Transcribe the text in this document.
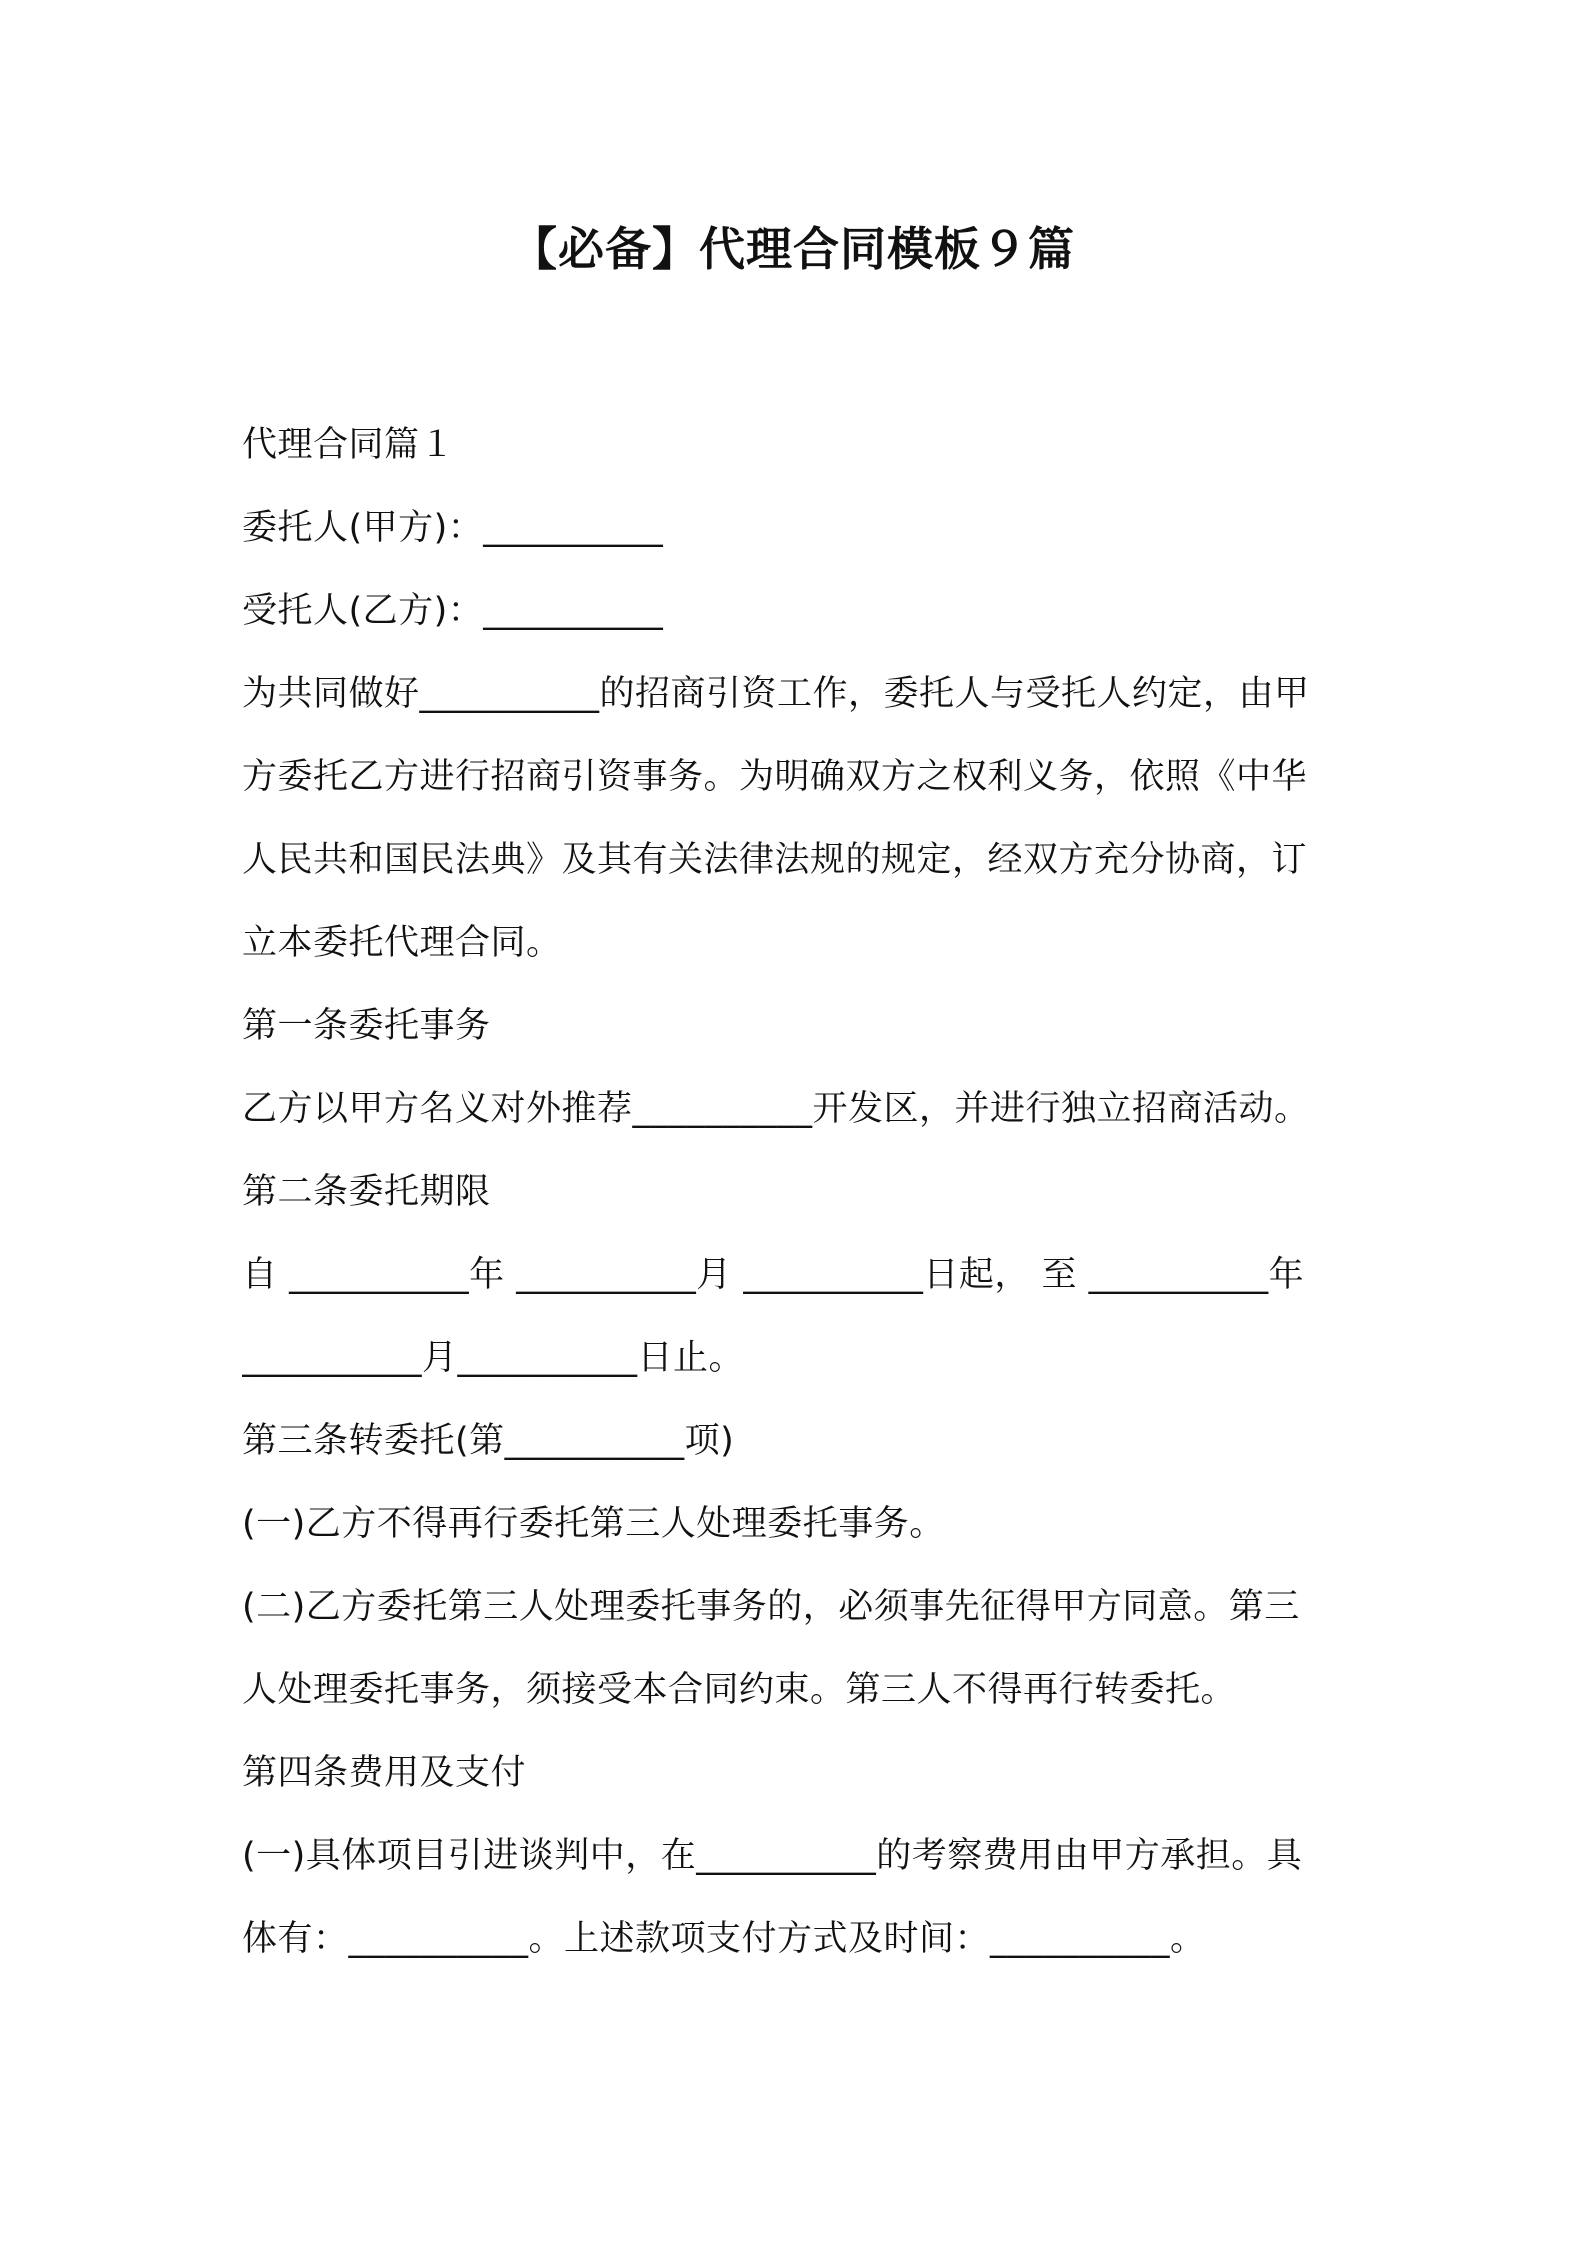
【必备】代理合同模板９篇
代理合同篇１
委托人(甲方)：__________
受托人(乙方)：__________
为共同做好__________的招商引资工作，委托人与受托人约定，由甲
方委托乙方进行招商引资事务。为明确双方之权利义务，依照《中华
人民共和国民法典》及其有关法律法规的规定，经双方充分协商，订
立本委托代理合同。
第一条委托事务
乙方以甲方名义对外推荐__________开发区，并进行独立招商活动。
第二条委托期限
自 __________年 __________月 __________日起， 至 __________年
__________月__________日止。
第三条转委托(第__________项)
(一)乙方不得再行委托第三人处理委托事务。
(二)乙方委托第三人处理委托事务的，必须事先征得甲方同意。第三
人处理委托事务，须接受本合同约束。第三人不得再行转委托。
第四条费用及支付
(一)具体项目引进谈判中，在__________的考察费用由甲方承担。具
体有：__________。上述款项支付方式及时间：__________。
